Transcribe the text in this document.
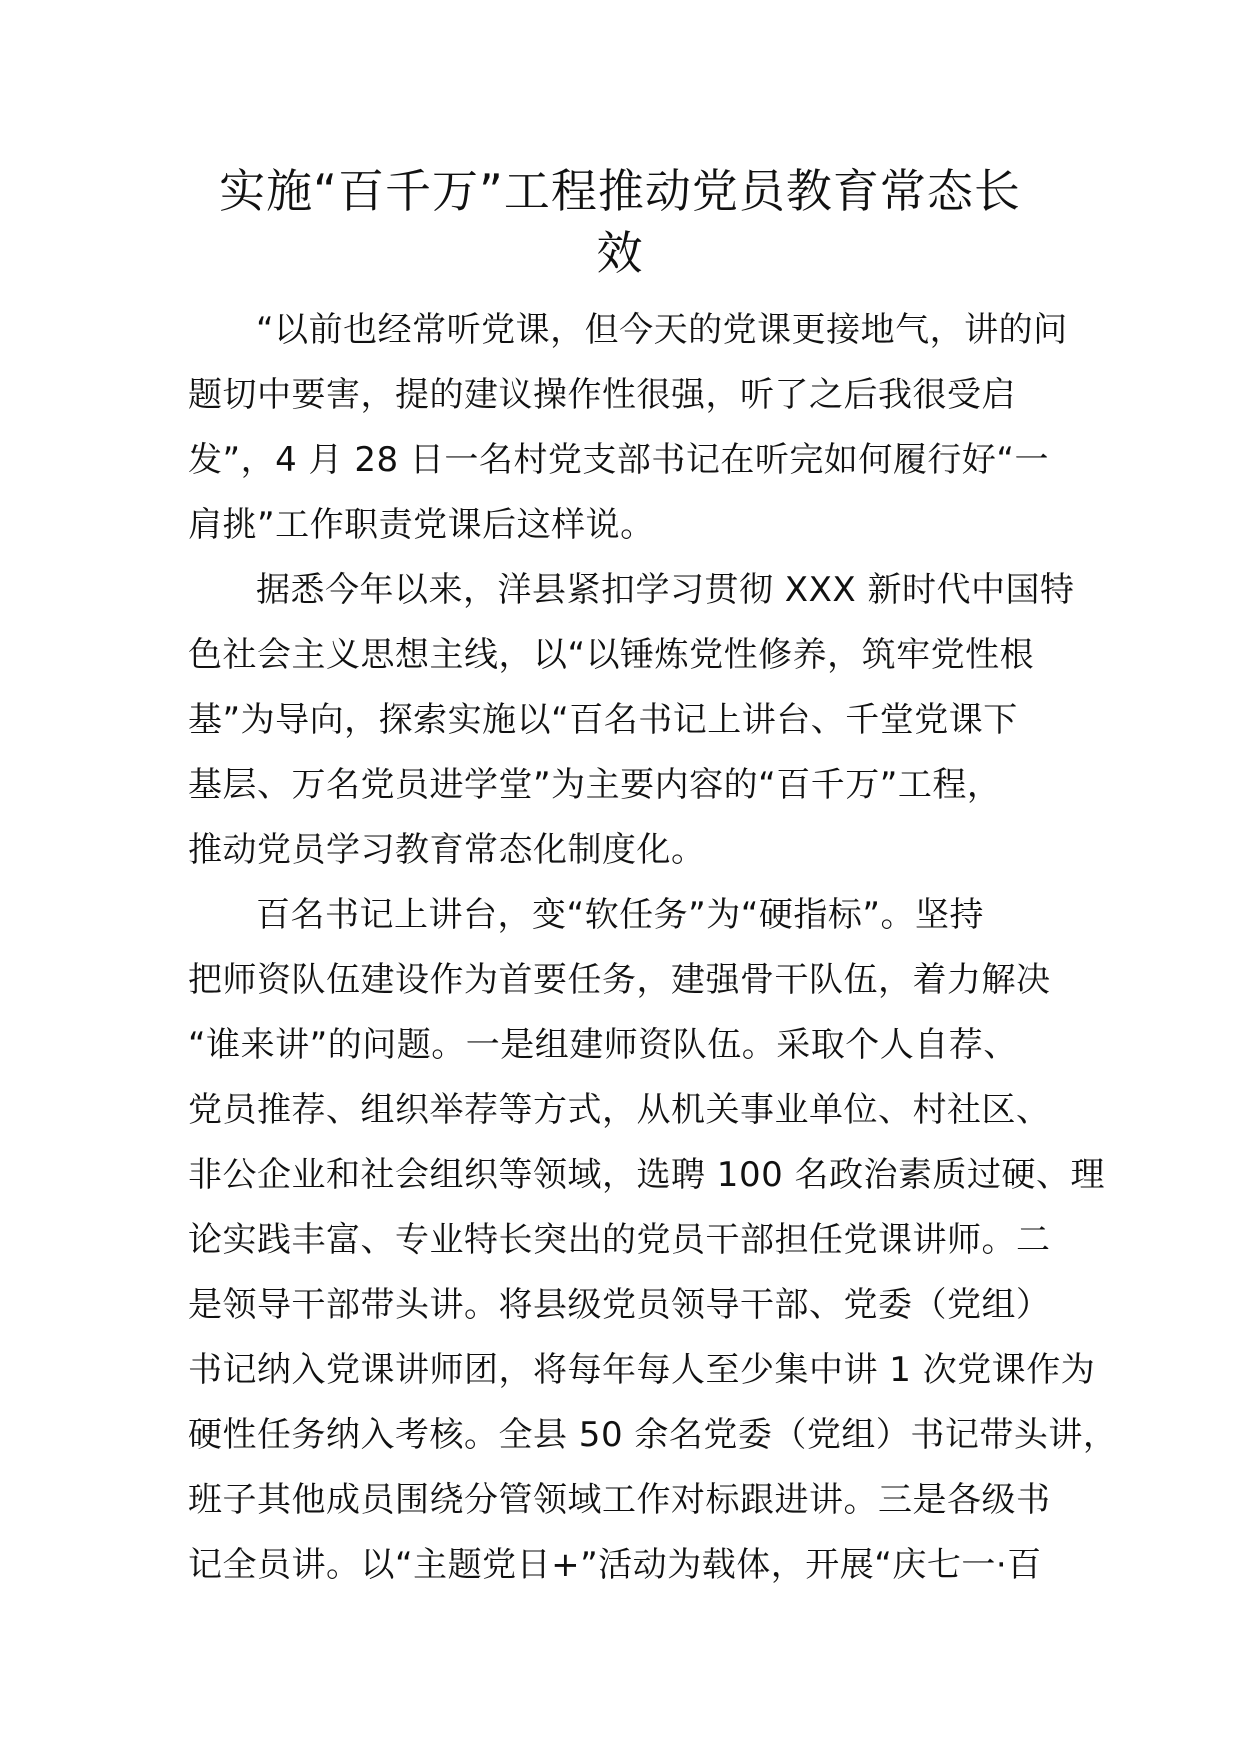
实施“百千万”工程推动党员教育常态长
效
“以前也经常听党课，但今天的党课更接地气，讲的问
题切中要害，提的建议操作性很强，听了之后我很受启
发”，4 月 28 日一名村党支部书记在听完如何履行好“一
肩挑”工作职责党课后这样说。
据悉今年以来，洋县紧扣学习贯彻 XXX 新时代中国特
色社会主义思想主线，以“以锤炼党性修养，筑牢党性根
基”为导向，探索实施以“百名书记上讲台、千堂党课下
基层、万名党员进学堂”为主要内容的“百千万”工程，
推动党员学习教育常态化制度化。
百名书记上讲台，变“软任务”为“硬指标”。坚持
把师资队伍建设作为首要任务，建强骨干队伍，着力解决
“谁来讲”的问题。一是组建师资队伍。采取个人自荐、
党员推荐、组织举荐等方式，从机关事业单位、村社区、
非公企业和社会组织等领域，选聘 100 名政治素质过硬、理
论实践丰富、专业特长突出的党员干部担任党课讲师。二
是领导干部带头讲。将县级党员领导干部、党委（党组）
书记纳入党课讲师团，将每年每人至少集中讲 1 次党课作为
硬性任务纳入考核。全县 50 余名党委（党组）书记带头讲，
班子其他成员围绕分管领域工作对标跟进讲。三是各级书
记全员讲。以“主题党日+”活动为载体，开展“庆七一·百
